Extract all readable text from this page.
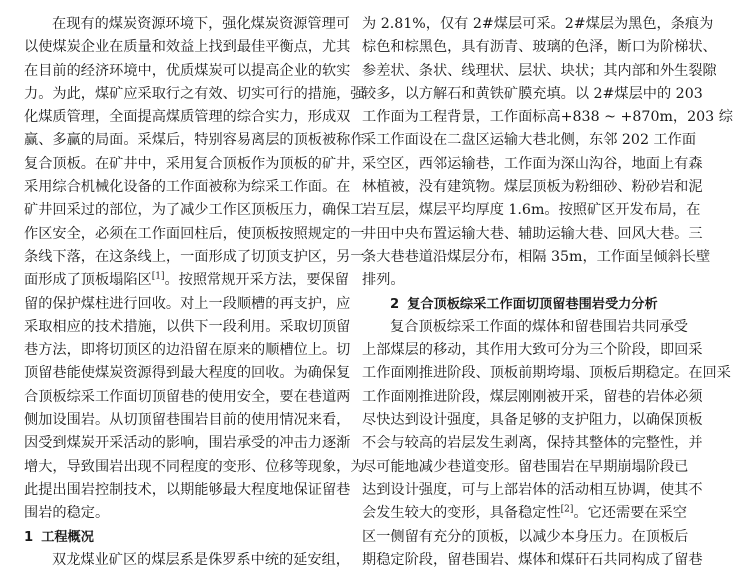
在现有的煤炭资源环境下，强化煤炭资源管理可
以使煤炭企业在质量和效益上找到最佳平衡点，尤其
在目前的经济环境中，优质煤炭可以提高企业的软实
力。为此，煤矿应采取行之有效、切实可行的措施，强
化煤质管理，全面提高煤质管理的综合实力，形成双
赢、多赢的局面。采煤后，特别容易离层的顶板被称作
复合顶板。在矿井中，采用复合顶板作为顶板的矿井，
采用综合机械化设备的工作面被称为综采工作面。在
矿井回采过的部位，为了减少工作区顶板压力，确保工
作区安全，必须在工作面回柱后，使顶板按照规定的一
条线下落，在这条线上，一面形成了切顶支护区，另一
面形成了顶板塌陷区[1]。按照常规开采方法，要保留
留的保护煤柱进行回收。对上一段顺槽的再支护，应
采取相应的技术措施，以供下一段利用。采取切顶留
巷方法，即将切顶区的边沿留在原来的顺槽位上。切
顶留巷能使煤炭资源得到最大程度的回收。为确保复
合顶板综采工作面切顶留巷的使用安全，要在巷道两
侧加设围岩。从切顶留巷围岩目前的使用情况来看，
因受到煤炭开采活动的影响，围岩承受的冲击力逐渐
增大，导致围岩出现不同程度的变形、位移等现象，为
此提出围岩控制技术，以期能够最大程度地保证留巷
围岩的稳定。
1 工程概况
双龙煤业矿区的煤层系是侏罗系中统的延安组，
为 2.81%，仅有 2#煤层可采。2#煤层为黑色，条痕为
棕色和棕黑色，具有沥青、玻璃的色泽，断口为阶梯状、
参差状、条状、线理状、层状、块状；其内部和外生裂隙
较多，以方解石和黄铁矿膜充填。以 2#煤层中的 203
工作面为工程背景，工作面标高+838 ~ +870m，203 综
采工作面设在二盘区运输大巷北侧，东邻 202 工作面
采空区，西邻运输巷，工作面为深山沟谷，地面上有森
林植被，没有建筑物。煤层顶板为粉细砂、粉砂岩和泥
岩互层，煤层平均厚度 1.6m。按照矿区开发布局，在
井田中央布置运输大巷、辅助运输大巷、回风大巷。三
条大巷巷道沿煤层分布，相隔 35m，工作面呈倾斜长壁
排列。
2 复合顶板综采工作面切顶留巷围岩受力分析
复合顶板综采工作面的煤体和留巷围岩共同承受
上部煤层的移动，其作用大致可分为三个阶段，即回采
工作面刚推进阶段、顶板前期垮塌、顶板后期稳定。在回采
工作面刚推进阶段，煤层刚刚被开采，留巷的岩体必须
尽快达到设计强度，具备足够的支护阻力，以确保顶板
不会与较高的岩层发生剥离，保持其整体的完整性，并
尽可能地减少巷道变形。留巷围岩在早期崩塌阶段已
达到设计强度，可与上部岩体的活动相互协调，使其不
会发生较大的变形，具备稳定性[2]。它还需要在采空
区一侧留有充分的顶板，以减少本身压力。在顶板后
期稳定阶段，留巷围岩、煤体和煤矸石共同构成了留巷
